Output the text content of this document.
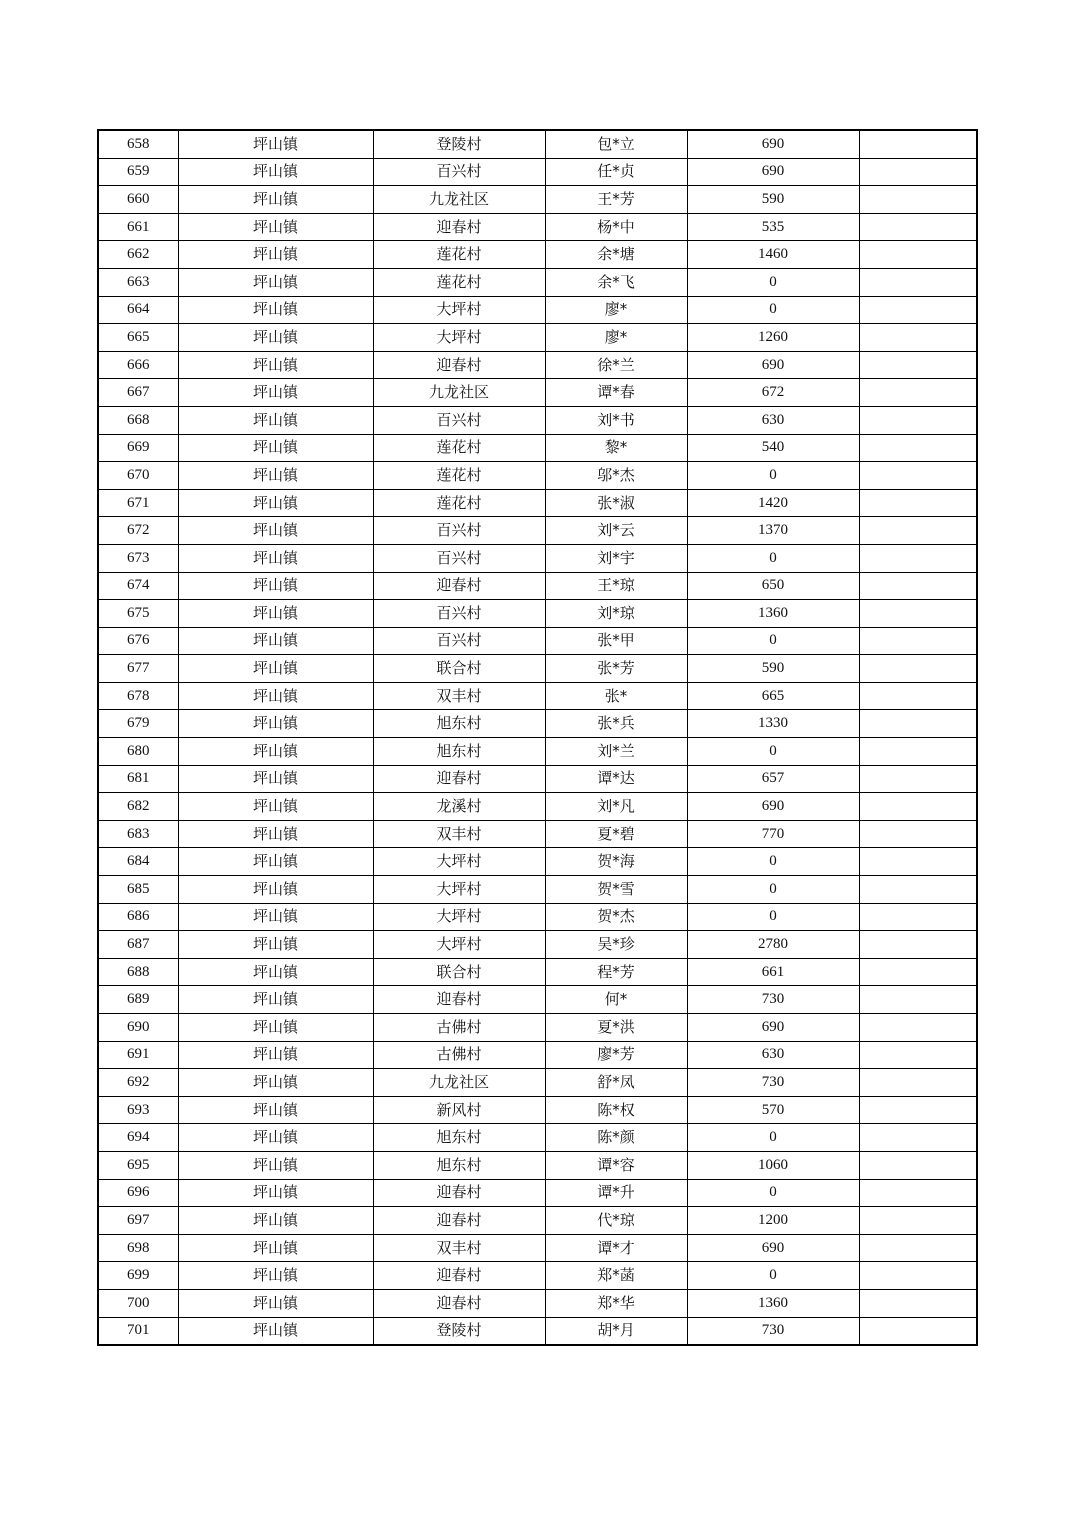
658	坪山镇	登陵村	包*立	690	
659	坪山镇	百兴村	任*贞	690	
660	坪山镇	九龙社区	王*芳	590	
661	坪山镇	迎春村	杨*中	535	
662	坪山镇	莲花村	余*塘	1460	
663	坪山镇	莲花村	余*飞	0	
664	坪山镇	大坪村	廖*	0	
665	坪山镇	大坪村	廖*	1260	
666	坪山镇	迎春村	徐*兰	690	
667	坪山镇	九龙社区	谭*春	672	
668	坪山镇	百兴村	刘*书	630	
669	坪山镇	莲花村	黎*	540	
670	坪山镇	莲花村	邬*杰	0	
671	坪山镇	莲花村	张*淑	1420	
672	坪山镇	百兴村	刘*云	1370	
673	坪山镇	百兴村	刘*宇	0	
674	坪山镇	迎春村	王*琼	650	
675	坪山镇	百兴村	刘*琼	1360	
676	坪山镇	百兴村	张*甲	0	
677	坪山镇	联合村	张*芳	590	
678	坪山镇	双丰村	张*	665	
679	坪山镇	旭东村	张*兵	1330	
680	坪山镇	旭东村	刘*兰	0	
681	坪山镇	迎春村	谭*达	657	
682	坪山镇	龙溪村	刘*凡	690	
683	坪山镇	双丰村	夏*碧	770	
684	坪山镇	大坪村	贺*海	0	
685	坪山镇	大坪村	贺*雪	0	
686	坪山镇	大坪村	贺*杰	0	
687	坪山镇	大坪村	吴*珍	2780	
688	坪山镇	联合村	程*芳	661	
689	坪山镇	迎春村	何*	730	
690	坪山镇	古佛村	夏*洪	690	
691	坪山镇	古佛村	廖*芳	630	
692	坪山镇	九龙社区	舒*凤	730	
693	坪山镇	新风村	陈*权	570	
694	坪山镇	旭东村	陈*颜	0	
695	坪山镇	旭东村	谭*容	1060	
696	坪山镇	迎春村	谭*升	0	
697	坪山镇	迎春村	代*琼	1200	
698	坪山镇	双丰村	谭*才	690	
699	坪山镇	迎春村	郑*菡	0	
700	坪山镇	迎春村	郑*华	1360	
701	坪山镇	登陵村	胡*月	730	
